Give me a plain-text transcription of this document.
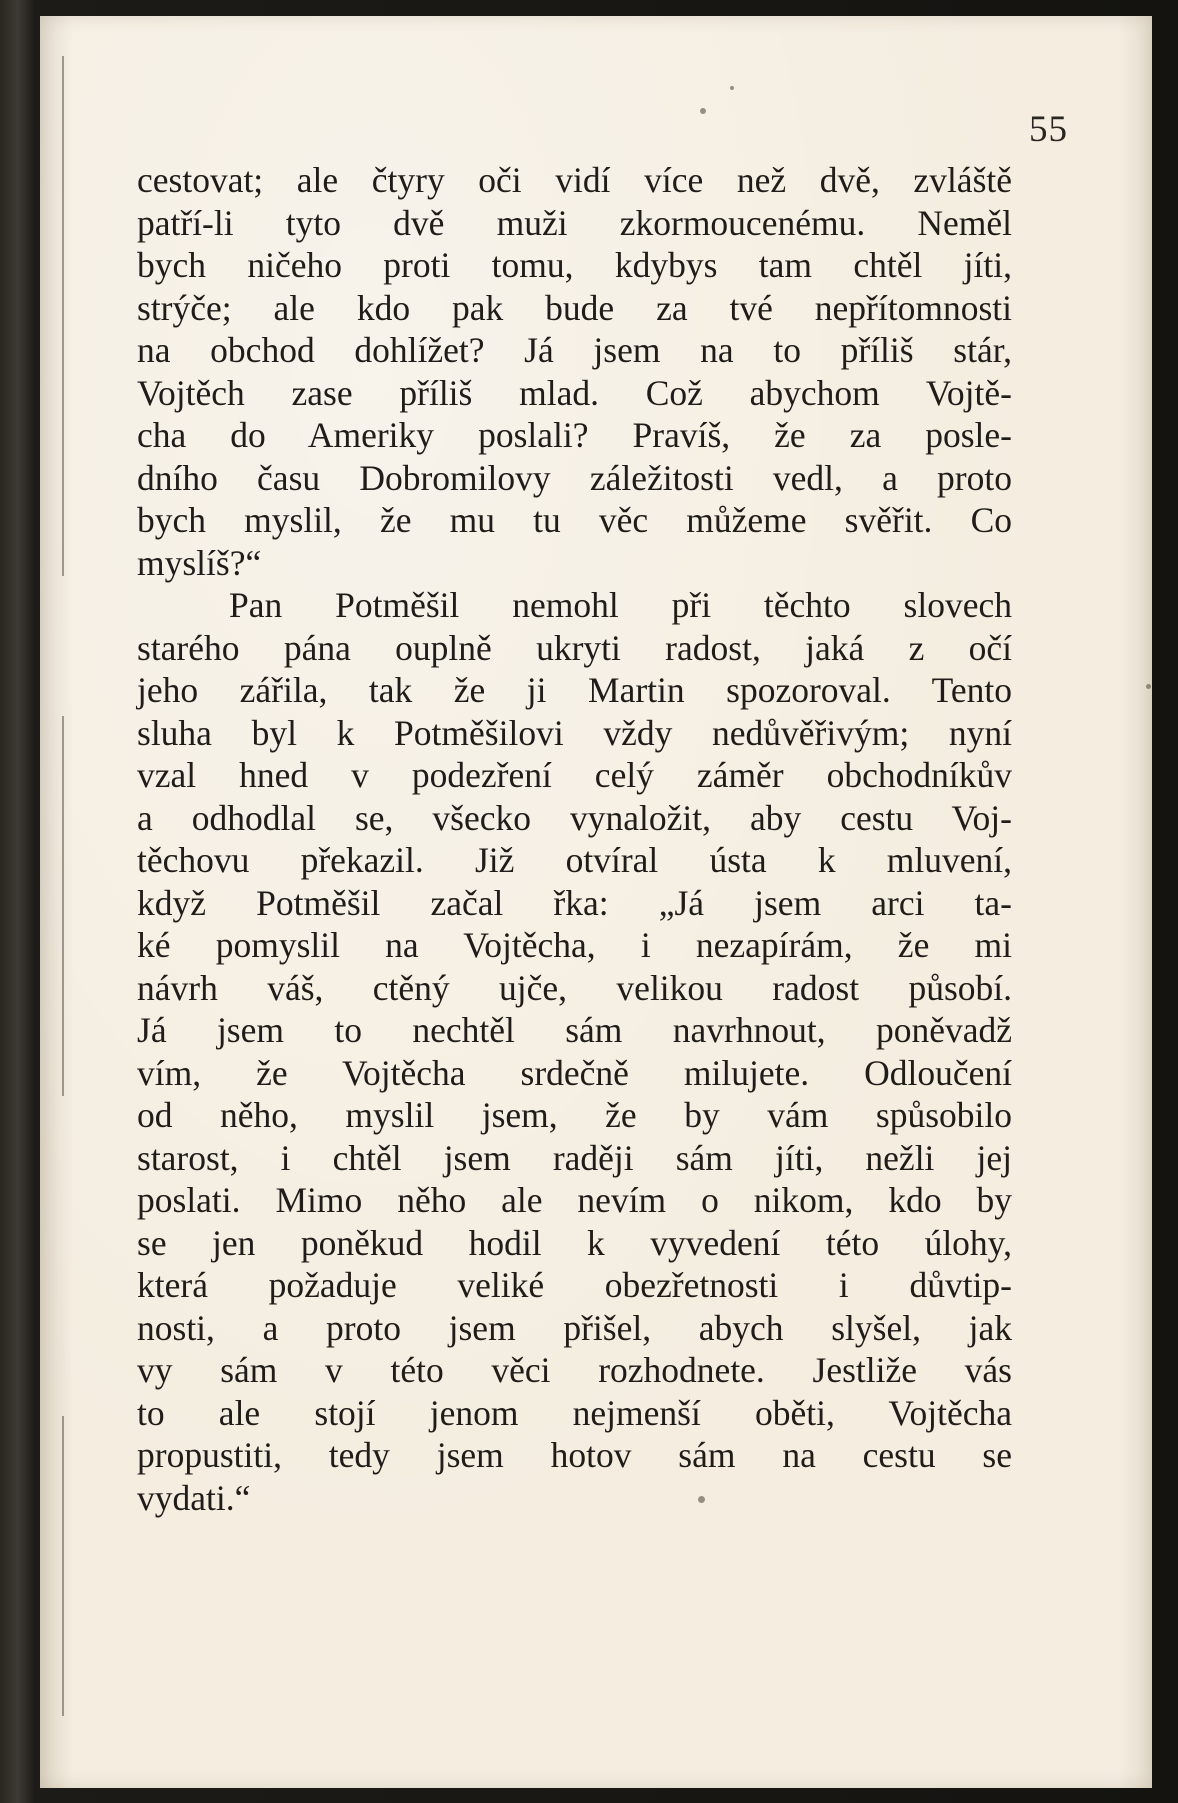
55
cestovat; ale čtyry oči vidí více než dvě, zvláště
patří-li tyto dvě muži zkormoucenému. Neměl
bych ničeho proti tomu, kdybys tam chtěl jíti,
strýče; ale kdo pak bude za tvé nepřítomnosti
na obchod dohlížet? Já jsem na to příliš stár,
Vojtěch zase příliš mlad. Což abychom Vojtě-
cha do Ameriky poslali? Pravíš, že za posle-
dního času Dobromilovy záležitosti vedl, a proto
bych myslil, že mu tu věc můžeme svěřit. Co
myslíš?“
Pan Potměšil nemohl při těchto slovech
starého pána ouplně ukryti radost, jaká z očí
jeho zářila, tak že ji Martin spozoroval. Tento
sluha byl k Potměšilovi vždy nedůvěřivým; nyní
vzal hned v podezření celý záměr obchodníkův
a odhodlal se, všecko vynaložit, aby cestu Voj-
těchovu překazil. Již otvíral ústa k mluvení,
když Potměšil začal řka: „Já jsem arci ta-
ké pomyslil na Vojtěcha, i nezapírám, že mi
návrh váš, ctěný ujče, velikou radost působí.
Já jsem to nechtěl sám navrhnout, poněvadž
vím, že Vojtěcha srdečně milujete. Odloučení
od něho, myslil jsem, že by vám spůsobilo
starost, i chtěl jsem raději sám jíti, nežli jej
poslati. Mimo něho ale nevím o nikom, kdo by
se jen poněkud hodil k vyvedení této úlohy,
která požaduje veliké obezřetnosti i důvtip-
nosti, a proto jsem přišel, abych slyšel, jak
vy sám v této věci rozhodnete. Jestliže vás
to ale stojí jenom nejmenší oběti, Vojtěcha
propustiti, tedy jsem hotov sám na cestu se
vydati.“
